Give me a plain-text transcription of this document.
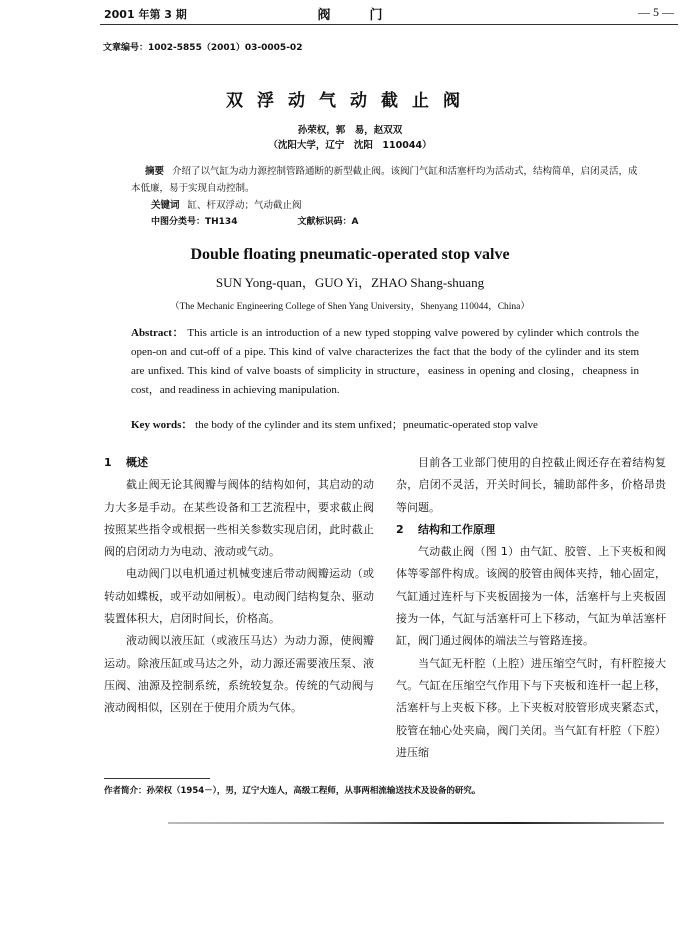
2001 年第 3 期	阀　　　门	— 5 —
文章编号：1002-5855（2001）03-0005-02
双浮动气动截止阀
孙荣权，郭　易，赵双双
（沈阳大学，辽宁　沈阳　110044）
摘要 介绍了以气缸为动力源控制管路通断的新型截止阀。该阀门气缸和活塞杆均为活动式，结构简单，启闭灵活，成本低廉，易于实现自动控制。
关键词 缸、杆双浮动；气动截止阀
中图分类号：TH134	文献标识码：A
Double floating pneumatic-operated stop valve
SUN Yong-quan，GUO Yi，ZHAO Shang-shuang
（The Mechanic Engineering College of Shen Yang University，Shenyang 110044，China）
Abstract： This article is an introduction of a new typed stopping valve powered by cylinder which controls the open-on and cut-off of a pipe. This kind of valve characterizes the fact that the body of the cylinder and its stem are unfixed. This kind of valve boasts of simplicity in structure，easiness in opening and closing，cheapness in cost，and readiness in achieving manipulation.
Key words： the body of the cylinder and its stem unfixed；pneumatic-operated stop valve
1 概述

截止阀无论其阀瓣与阀体的结构如何，其启动的动力大多是手动。在某些设备和工艺流程中，要求截止阀按照某些指令或根据一些相关参数实现启闭，此时截止阀的启闭动力为电动、液动或气动。

电动阀门以电机通过机械变速后带动阀瓣运动（或转动如蝶板，或平动如闸板）。电动阀门结构复杂、驱动装置体积大，启闭时间长，价格高。

液动阀以液压缸（或液压马达）为动力源，使阀瓣运动。除液压缸或马达之外，动力源还需要液压泵、液压阀、油源及控制系统，系统较复杂。传统的气动阀与液动阀相似，区别在于使用介质为气体。

目前各工业部门使用的自控截止阀还存在着结构复杂，启闭不灵活，开关时间长，辅助部件多，价格昂贵等问题。

2 结构和工作原理

气动截止阀（图 1）由气缸、胶管、上下夹板和阀体等零部件构成。该阀的胶管由阀体夹持，轴心固定，气缸通过连杆与下夹板固接为一体，活塞杆与上夹板固接为一体，气缸与活塞杆可上下移动，气缸为单活塞杆缸，阀门通过阀体的端法兰与管路连接。

当气缸无杆腔（上腔）进压缩空气时，有杆腔接大气。气缸在压缩空气作用下与下夹板和连杆一起上移，活塞杆与上夹板下移。上下夹板对胶管形成夹紧态式，胶管在轴心处夹扁，阀门关闭。当气缸有杆腔（下腔）进压缩

作者简介：孙荣权（1954－），男，辽宁大连人，高级工程师，从事两相流输送技术及设备的研究。
